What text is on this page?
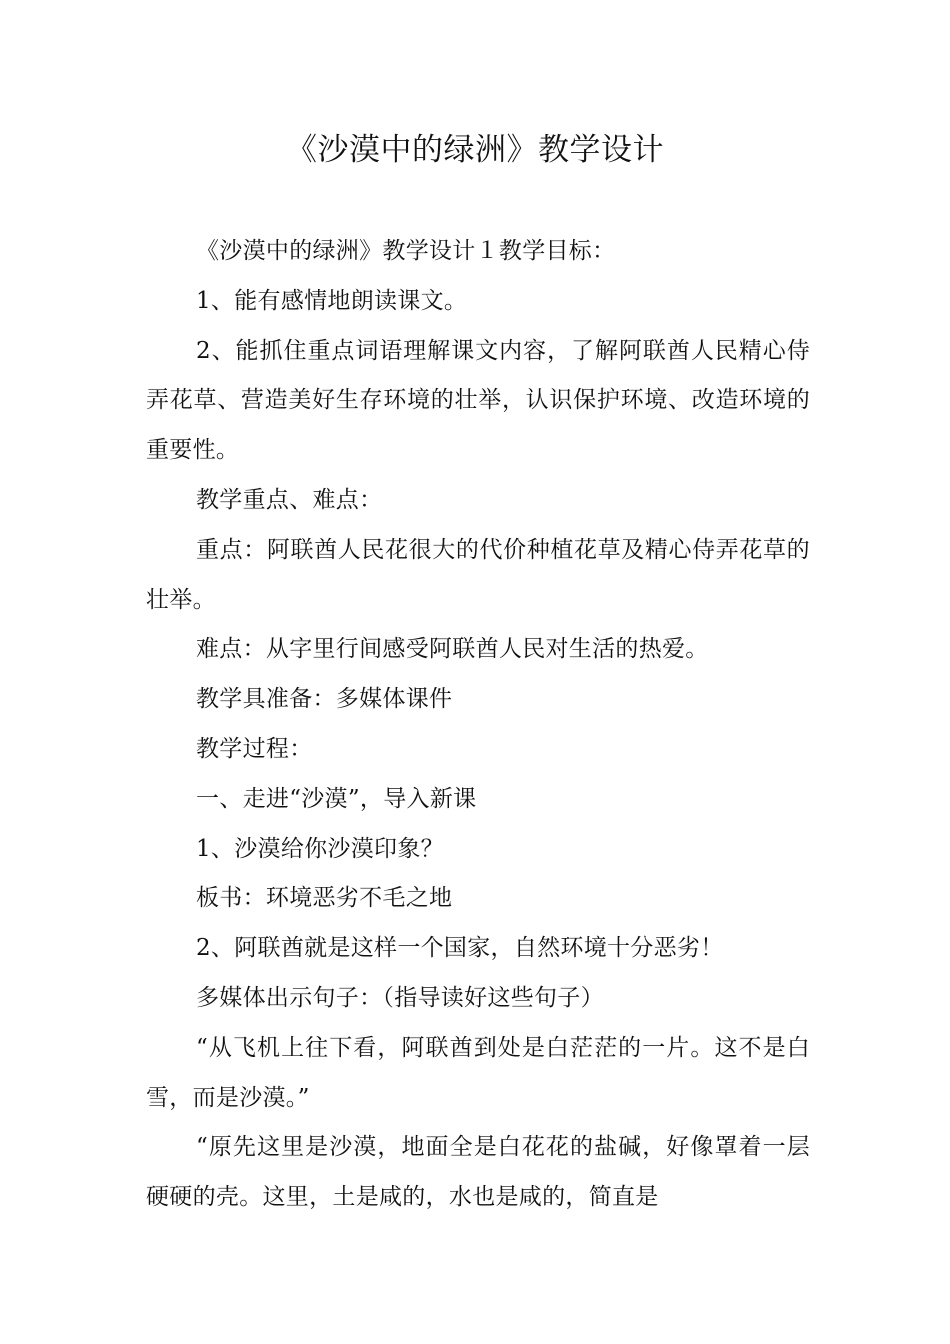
《沙漠中的绿洲》教学设计

《沙漠中的绿洲》教学设计１教学目标：

1、能有感情地朗读课文。

2、能抓住重点词语理解课文内容，了解阿联酋人民精心侍弄花草、营造美好生存环境的壮举，认识保护环境、改造环境的重要性。

教学重点、难点：

重点：阿联酋人民花很大的代价种植花草及精心侍弄花草的壮举。

难点：从字里行间感受阿联酋人民对生活的热爱。

教学具准备：多媒体课件

教学过程：

一、走进“沙漠”，导入新课

1、沙漠给你沙漠印象？

板书：环境恶劣不毛之地

2、阿联酋就是这样一个国家，自然环境十分恶劣！

多媒体出示句子：（指导读好这些句子）

“从飞机上往下看，阿联酋到处是白茫茫的一片。这不是白雪，而是沙漠。”

“原先这里是沙漠，地面全是白花花的盐碱，好像罩着一层硬硬的壳。这里，土是咸的，水也是咸的，简直是
